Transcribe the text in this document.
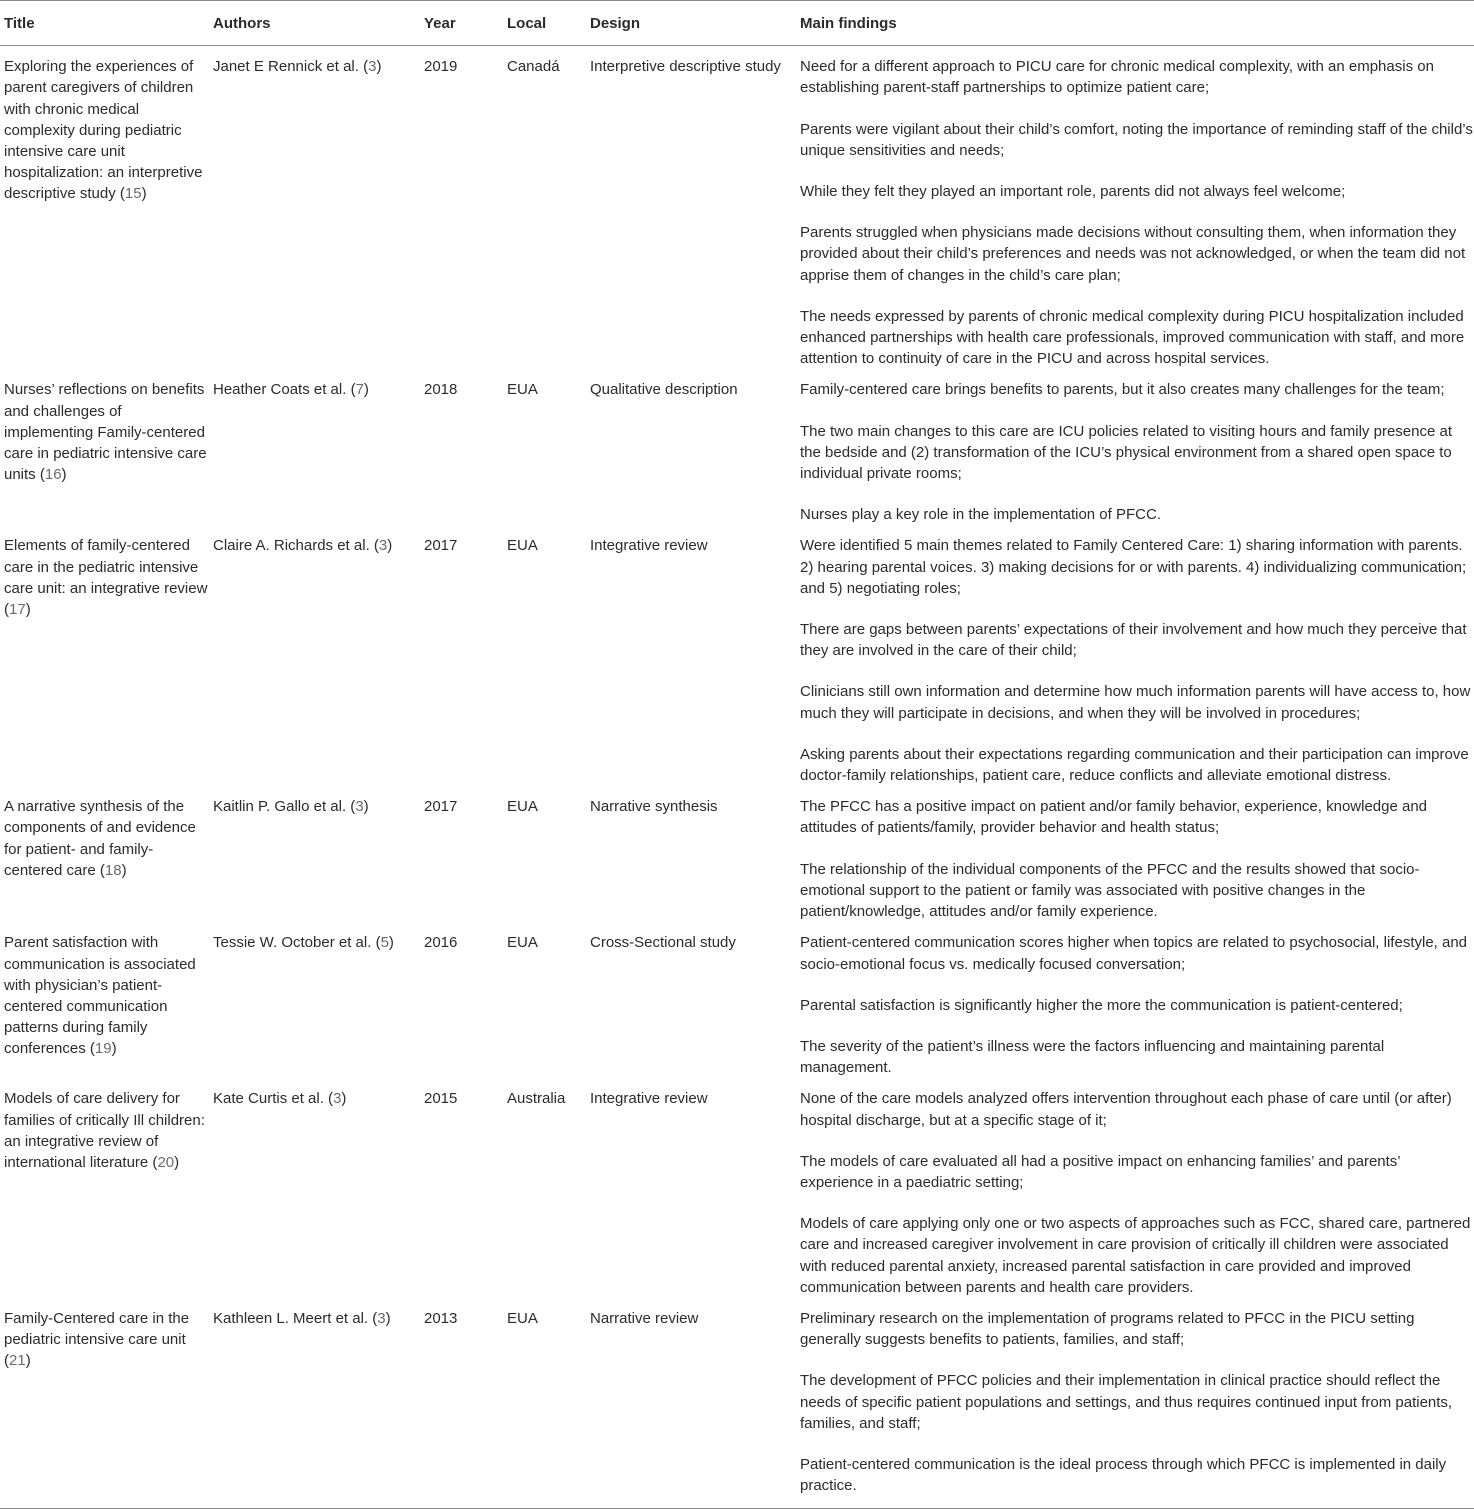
Title	Authors	Year	Local	Design	Main findings
Exploring the experiences of parent caregivers of children with chronic medical complexity during pediatric intensive care unit hospitalization: an interpretive descriptive study (15)	Janet E Rennick et al. (3)	2019	Canadá	Interpretive descriptive study	Need for a different approach to PICU care for chronic medical complexity, with an emphasis on establishing parent-staff partnerships to optimize patient care;
Parents were vigilant about their child’s comfort, noting the importance of reminding staff of the child’s unique sensitivities and needs;
While they felt they played an important role, parents did not always feel welcome;
Parents struggled when physicians made decisions without consulting them, when information they provided about their child’s preferences and needs was not acknowledged, or when the team did not apprise them of changes in the child’s care plan;
The needs expressed by parents of chronic medical complexity during PICU hospitalization included enhanced partnerships with health care professionals, improved communication with staff, and more attention to continuity of care in the PICU and across hospital services.

Nurses’ reflections on benefits and challenges of implementing Family-centered care in pediatric intensive care units (16)	Heather Coats et al. (7)	2018	EUA	Qualitative description	Family-centered care brings benefits to parents, but it also creates many challenges for the team;
The two main changes to this care are ICU policies related to visiting hours and family presence at the bedside and (2) transformation of the ICU’s physical environment from a shared open space to individual private rooms;
Nurses play a key role in the implementation of PFCC.

Elements of family-centered care in the pediatric intensive care unit: an integrative review (17)	Claire A. Richards et al. (3)	2017	EUA	Integrative review	Were identified 5 main themes related to Family Centered Care: 1) sharing information with parents. 2) hearing parental voices. 3) making decisions for or with parents. 4) individualizing communication; and 5) negotiating roles;
There are gaps between parents’ expectations of their involvement and how much they perceive that they are involved in the care of their child;
Clinicians still own information and determine how much information parents will have access to, how much they will participate in decisions, and when they will be involved in procedures;
Asking parents about their expectations regarding communication and their participation can improve doctor-family relationships, patient care, reduce conflicts and alleviate emotional distress.

A narrative synthesis of the components of and evidence for patient- and family-centered care (18)	Kaitlin P. Gallo et al. (3)	2017	EUA	Narrative synthesis	The PFCC has a positive impact on patient and/or family behavior, experience, knowledge and attitudes of patients/family, provider behavior and health status;
The relationship of the individual components of the PFCC and the results showed that socio-emotional support to the patient or family was associated with positive changes in the patient/knowledge, attitudes and/or family experience.

Parent satisfaction with communication is associated with physician’s patient-centered communication patterns during family conferences (19)	Tessie W. October et al. (5)	2016	EUA	Cross-Sectional study	Patient-centered communication scores higher when topics are related to psychosocial, lifestyle, and socio-emotional focus vs. medically focused conversation;
Parental satisfaction is significantly higher the more the communication is patient-centered;
The severity of the patient’s illness were the factors influencing and maintaining parental management.

Models of care delivery for families of critically Ill children: an integrative review of international literature (20)	Kate Curtis et al. (3)	2015	Australia	Integrative review	None of the care models analyzed offers intervention throughout each phase of care until (or after) hospital discharge, but at a specific stage of it;
The models of care evaluated all had a positive impact on enhancing families’ and parents’ experience in a paediatric setting;
Models of care applying only one or two aspects of approaches such as FCC, shared care, partnered care and increased caregiver involvement in care provision of critically ill children were associated with reduced parental anxiety, increased parental satisfaction in care provided and improved communication between parents and health care providers.

Family-Centered care in the pediatric intensive care unit (21)	Kathleen L. Meert et al. (3)	2013	EUA	Narrative review	Preliminary research on the implementation of programs related to PFCC in the PICU setting generally suggests benefits to patients, families, and staff;
The development of PFCC policies and their implementation in clinical practice should reflect the needs of specific patient populations and settings, and thus requires continued input from patients, families, and staff;
Patient-centered communication is the ideal process through which PFCC is implemented in daily practice.
